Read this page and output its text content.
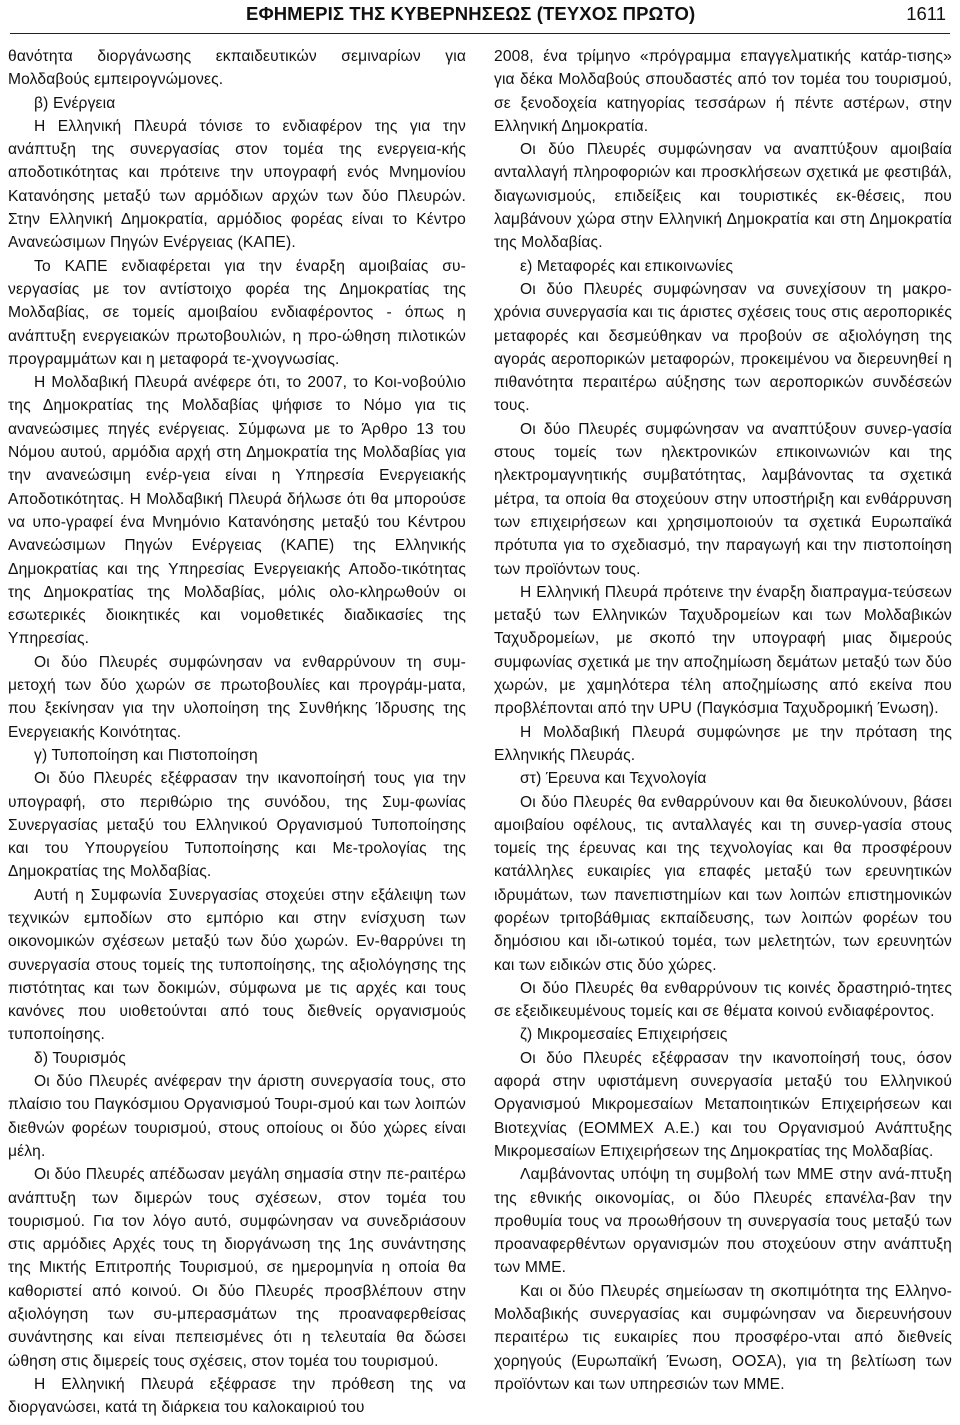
ΕΦΗΜΕΡΙΣ ΤΗΣ ΚΥΒΕΡΝΗΣΕΩΣ (ΤΕΥΧΟΣ ΠΡΩΤΟ)	1611

θανότητα διοργάνωσης εκπαιδευτικών σεμιναρίων για Μολδαβούς εμπειρογνώμονες.

β) Ενέργεια

Η Ελληνική Πλευρά τόνισε το ενδιαφέρον της για την ανάπτυξη της συνεργασίας στον τομέα της ενεργεια-κής αποδοτικότητας και πρότεινε την υπογραφή ενός Μνημονίου Κατανόησης μεταξύ των αρμόδιων αρχών των δύο Πλευρών. Στην Ελληνική Δημοκρατία, αρμόδιος φορέας είναι το Κέντρο Ανανεώσιμων Πηγών Ενέργειας (ΚΑΠΕ).

Το ΚΑΠΕ ενδιαφέρεται για την έναρξη αμοιβαίας συ-νεργασίας με τον αντίστοιχο φορέα της Δημοκρατίας της Μολδαβίας, σε τομείς αμοιβαίου ενδιαφέροντος - όπως η ανάπτυξη ενεργειακών πρωτοβουλιών, η προ-ώθηση πιλοτικών προγραμμάτων και η μεταφορά τε-χνογνωσίας.

Η Μολδαβική Πλευρά ανέφερε ότι, το 2007, το Κοι-νοβούλιο της Δημοκρατίας της Μολδαβίας ψήφισε το Νόμο για τις ανανεώσιμες πηγές ενέργειας. Σύμφωνα με το Άρθρο 13 του Νόμου αυτού, αρμόδια αρχή στη Δημοκρατία της Μολδαβίας για την ανανεώσιμη ενέρ-γεια είναι η Υπηρεσία Ενεργειακής Αποδοτικότητας. Η Μολδαβική Πλευρά δήλωσε ότι θα μπορούσε να υπο-γραφεί ένα Μνημόνιο Κατανόησης μεταξύ του Κέντρου Ανανεώσιμων Πηγών Ενέργειας (ΚΑΠΕ) της Ελληνικής Δημοκρατίας και της Υπηρεσίας Ενεργειακής Αποδο-τικότητας της Δημοκρατίας της Μολδαβίας, μόλις ολο-κληρωθούν οι εσωτερικές διοικητικές και νομοθετικές διαδικασίες της Υπηρεσίας.

Οι δύο Πλευρές συμφώνησαν να ενθαρρύνουν τη συμ-μετοχή των δύο χωρών σε πρωτοβουλίες και προγράμ-ματα, που ξεκίνησαν για την υλοποίηση της Συνθήκης Ίδρυσης της Ενεργειακής Κοινότητας.

γ) Τυποποίηση και Πιστοποίηση

Οι δύο Πλευρές εξέφρασαν την ικανοποίησή τους για την υπογραφή, στο περιθώριο της συνόδου, της Συμ-φωνίας Συνεργασίας μεταξύ του Ελληνικού Οργανισμού Τυποποίησης και του Υπουργείου Τυποποίησης και Με-τρολογίας της Δημοκρατίας της Μολδαβίας.

Αυτή η Συμφωνία Συνεργασίας στοχεύει στην εξάλειψη των τεχνικών εμποδίων στο εμπόριο και στην ενίσχυση των οικονομικών σχέσεων μεταξύ των δύο χωρών. Εν-θαρρύνει τη συνεργασία στους τομείς της τυποποίησης, της αξιολόγησης της πιστότητας και των δοκιμών, σύμφωνα με τις αρχές και τους κανόνες που υιοθετούνται από τους διεθνείς οργανισμούς τυποποίησης.

δ) Τουρισμός

Οι δύο Πλευρές ανέφεραν την άριστη συνεργασία τους, στο πλαίσιο του Παγκόσμιου Οργανισμού Τουρι-σμού και των λοιπών διεθνών φορέων τουρισμού, στους οποίους οι δύο χώρες είναι μέλη.

Οι δύο Πλευρές απέδωσαν μεγάλη σημασία στην πε-ραιτέρω ανάπτυξη των διμερών τους σχέσεων, στον τομέα του τουρισμού. Για τον λόγο αυτό, συμφώνησαν να συνεδριάσουν στις αρμόδιες Αρχές τους τη διοργάνωση της 1ης συνάντησης της Μικτής Επιτροπής Τουρισμού, σε ημερομηνία η οποία θα καθοριστεί από κοινού. Οι δύο Πλευρές προσβλέπουν στην αξιολόγηση των συ-μπερασμάτων της προαναφερθείσας συνάντησης και είναι πεπεισμένες ότι η τελευταία θα δώσει ώθηση στις διμερείς τους σχέσεις, στον τομέα του τουρισμού.

Η Ελληνική Πλευρά εξέφρασε την πρόθεση της να διοργανώσει, κατά τη διάρκεια του καλοκαιριού του

2008, ένα τρίμηνο «πρόγραμμα επαγγελματικής κατάρ-τισης» για δέκα Μολδαβούς σπουδαστές από τον τομέα του τουρισμού, σε ξενοδοχεία κατηγορίας τεσσάρων ή πέντε αστέρων, στην Ελληνική Δημοκρατία.

Οι δύο Πλευρές συμφώνησαν να αναπτύξουν αμοιβαία ανταλλαγή πληροφοριών και προσκλήσεων σχετικά με φεστιβάλ, διαγωνισμούς, επιδείξεις και τουριστικές εκ-θέσεις, που λαμβάνουν χώρα στην Ελληνική Δημοκρατία και στη Δημοκρατία της Μολδαβίας.

ε) Μεταφορές και επικοινωνίες

Οι δύο Πλευρές συμφώνησαν να συνεχίσουν τη μακρο-χρόνια συνεργασία και τις άριστες σχέσεις τους στις αεροπορικές μεταφορές και δεσμεύθηκαν να προβούν σε αξιολόγηση της αγοράς αεροπορικών μεταφορών, προκειμένου να διερευνηθεί η πιθανότητα περαιτέρω αύξησης των αεροπορικών συνδέσεών τους.

Οι δύο Πλευρές συμφώνησαν να αναπτύξουν συνερ-γασία στους τομείς των ηλεκτρονικών επικοινωνιών και της ηλεκτρομαγνητικής συμβατότητας, λαμβάνοντας τα σχετικά μέτρα, τα οποία θα στοχεύουν στην υποστήριξη και ενθάρρυνση των επιχειρήσεων και χρησιμοποιούν τα σχετικά Ευρωπαϊκά πρότυπα για το σχεδιασμό, την παραγωγή και την πιστοποίηση των προϊόντων τους.

Η Ελληνική Πλευρά πρότεινε την έναρξη διαπραγμα-τεύσεων μεταξύ των Ελληνικών Ταχυδρομείων και των Μολδαβικών Ταχυδρομείων, με σκοπό την υπογραφή μιας διμερούς συμφωνίας σχετικά με την αποζημίωση δεμάτων μεταξύ των δύο χωρών, με χαμηλότερα τέλη αποζημίωσης από εκείνα που προβλέπονται από την UPU (Παγκόσμια Ταχυδρομική Ένωση).

Η Μολδαβική Πλευρά συμφώνησε με την πρόταση της Ελληνικής Πλευράς.

στ) Έρευνα και Τεχνολογία

Οι δύο Πλευρές θα ενθαρρύνουν και θα διευκολύνουν, βάσει αμοιβαίου οφέλους, τις ανταλλαγές και τη συνερ-γασία στους τομείς της έρευνας και της τεχνολογίας και θα προσφέρουν κατάλληλες ευκαιρίες για επαφές μεταξύ των ερευνητικών ιδρυμάτων, των πανεπιστημίων και των λοιπών επιστημονικών φορέων τριτοβάθμιας εκπαίδευσης, των λοιπών φορέων του δημόσιου και ιδι-ωτικού τομέα, των μελετητών, των ερευνητών και των ειδικών στις δύο χώρες.

Οι δύο Πλευρές θα ενθαρρύνουν τις κοινές δραστηριό-τητες σε εξειδικευμένους τομείς και σε θέματα κοινού ενδιαφέροντος.

ζ) Μικρομεσαίες Επιχειρήσεις

Οι δύο Πλευρές εξέφρασαν την ικανοποίησή τους, όσον αφορά στην υφιστάμενη συνεργασία μεταξύ του Ελληνικού Οργανισμού Μικρομεσαίων Μεταποιητικών Επιχειρήσεων και Βιοτεχνίας (ΕΟΜΜΕΧ Α.Ε.) και του Οργανισμού Ανάπτυξης Μικρομεσαίων Επιχειρήσεων της Δημοκρατίας της Μολδαβίας.

Λαμβάνοντας υπόψη τη συμβολή των ΜΜΕ στην ανά-πτυξη της εθνικής οικονομίας, οι δύο Πλευρές επανέλα-βαν την προθυμία τους να προωθήσουν τη συνεργασία τους μεταξύ των προαναφερθέντων οργανισμών που στοχεύουν στην ανάπτυξη των ΜΜΕ.

Και οι δύο Πλευρές σημείωσαν τη σκοπιμότητα της Ελληνο-Μολδαβικής συνεργασίας και συμφώνησαν να διερευνήσουν περαιτέρω τις ευκαιρίες που προσφέρο-νται από διεθνείς χορηγούς (Ευρωπαϊκή Ένωση, ΟΟΣΑ), για τη βελτίωση των προϊόντων και των υπηρεσιών των ΜΜΕ.
